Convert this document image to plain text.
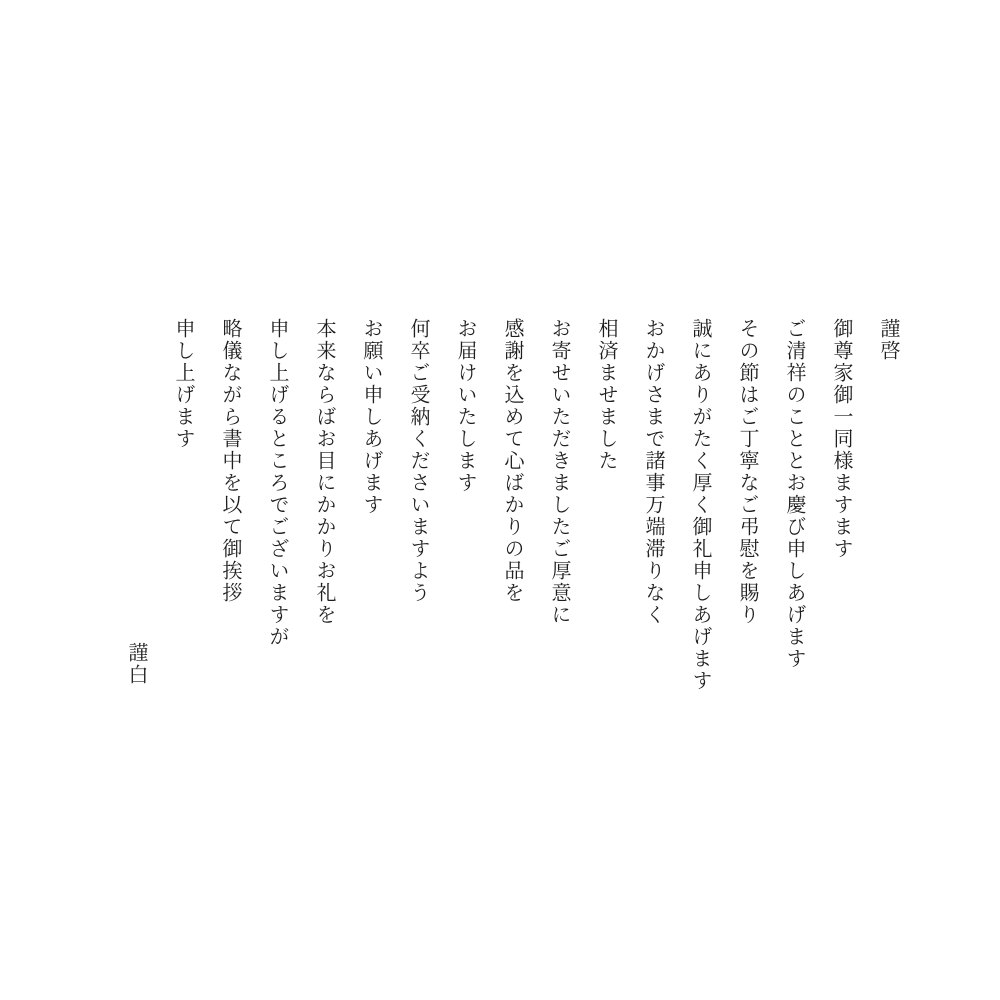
謹啓
御尊家御一同様ますます
ご清祥のこととお慶び申しあげます
その節はご丁寧なご弔慰を賜り
誠にありがたく厚く御礼申しあげます
おかげさまで諸事万端滞りなく
相済ませました
お寄せいただきましたご厚意に
感謝を込めて心ばかりの品を
お届けいたします
何卒ご受納くださいますよう
お願い申しあげます
本来ならばお目にかかりお礼を
申し上げるところでございますが
略儀ながら書中を以て御挨拶
申し上げます
謹白
